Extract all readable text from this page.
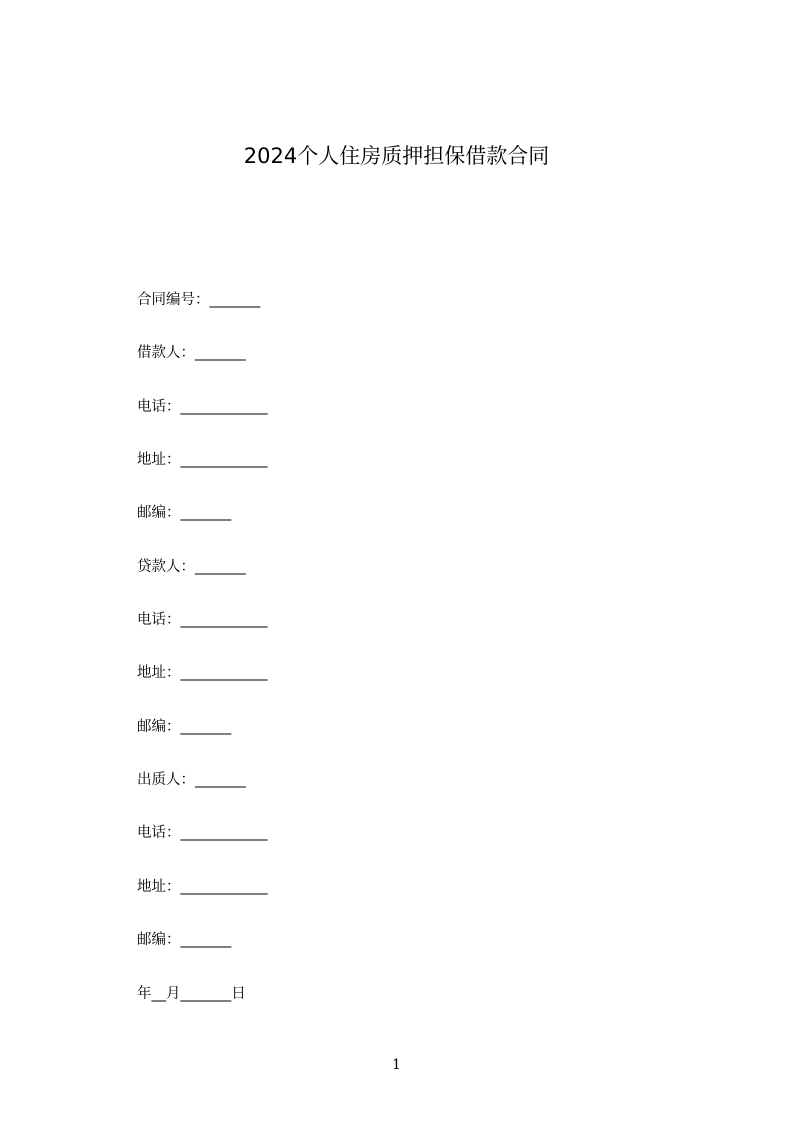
2024个人住房质押担保借款合同
合同编号：_______
借款人：_______
电话：____________
地址：____________
邮编：_______
贷款人：_______
电话：____________
地址：____________
邮编：_______
出质人：_______
电话：____________
地址：____________
邮编：_______
年__月_______日
1
